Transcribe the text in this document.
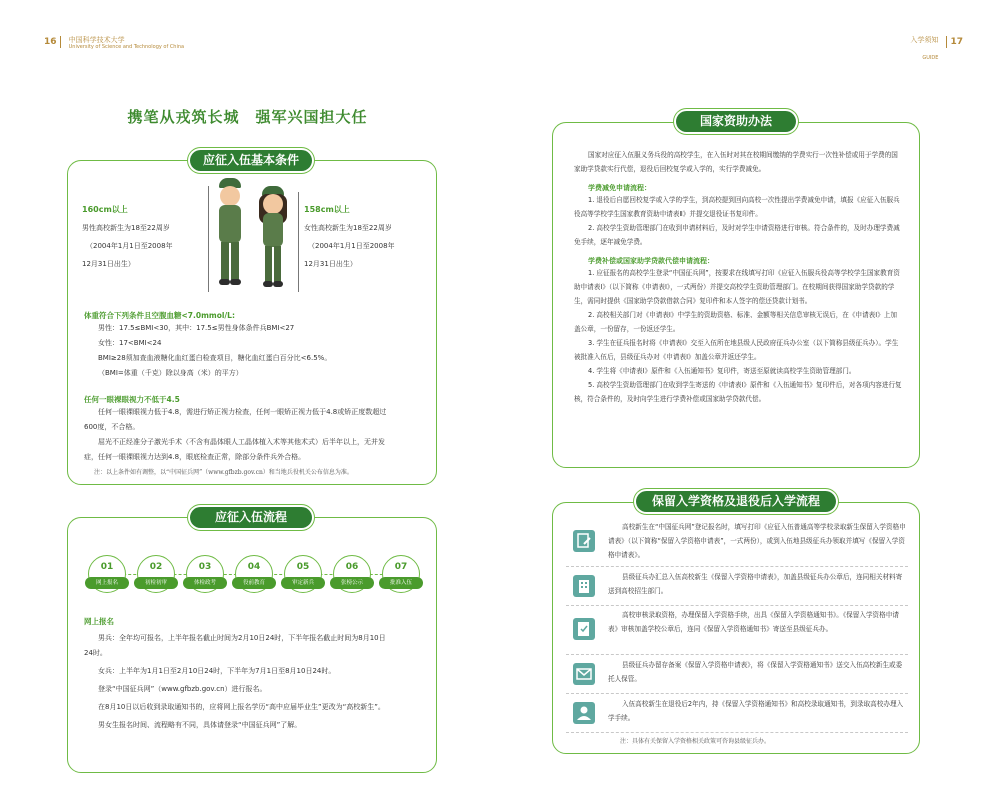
16 中国科学技术大学
University of Science and Technology of China
入学须知
GUIDE
17
携笔从戎筑长城　强军兴国担大任
应征入伍基本条件
160cm以上
男性高校新生为18至22周岁
（2004年1月1日至2008年
12月31日出生）
158cm以上
女性高校新生为18至22周岁
（2004年1月1日至2008年
12月31日出生）
体重符合下列条件且空腹血糖<7.0mmol/L:
男性：17.5≤BMI<30，其中：17.5≤男性身体条件兵BMI<27
女性：17<BMI<24
BMI≥28须加查血液糖化血红蛋白检查项目，糖化血红蛋白百分比<6.5%。
（BMI=体重（千克）除以身高（米）的平方）
任何一眼裸眼视力不低于4.5
任何一眼裸眼视力低于4.8，需进行矫正视力检查，任何一眼矫正视力低于4.8或矫正度数超过
600度，不合格。
屈光不正经准分子激光手术（不含有晶体眼人工晶体植入术等其他术式）后半年以上，无并发
症，任何一眼裸眼视力达到4.8，眼底检查正常，除部分条件兵外合格。
注：以上条件如有调整，以“中国征兵网”（www.gfbzb.gov.cn）和当地兵役机关公布信息为准。
应征入伍流程
01
网上报名
02
初检初审
03
体检政考
04
役前教育
05
审定新兵
06
张榜公示
07
批准入伍
网上报名
男兵：全年均可报名，上半年报名截止时间为2月10日24时，下半年报名截止时间为8月10日
24时。
女兵：上半年为1月1日至2月10日24时，下半年为7月1日至8月10日24时。
登录“中国征兵网”（www.gfbzb.gov.cn）进行报名。
在8月10日以后收到录取通知书的，应将网上报名学历“高中应届毕业生”更改为“高校新生”。
男女生报名时间、流程略有不同，具体请登录“中国征兵网”了解。
国家资助办法
国家对应征入伍服义务兵役的高校学生，在入伍时对其在校期间缴纳的学费实行一次性补偿或用于学费的国家助学贷款实行代偿，退役后回校复学或入学的，实行学费减免。
学费减免申请流程：
1. 退役后自愿回校复学或入学的学生，到高校提到回向高校一次性提出学费减免申请，填报《应征入伍服兵役高等学校学生国家教育资助申请表Ⅱ》并提交退役证书复印件。
2. 高校学生资助管理部门在收到申请材料后，及时对学生申请资格进行审核。符合条件的，及时办理学费减免手续，逐年减免学费。
学费补偿或国家助学贷款代偿申请流程：
1. 应征报名的高校学生登录“中国征兵网”，按要求在线填写打印《应征入伍服兵役高等学校学生国家教育资助申请表Ⅰ》（以下简称《申请表Ⅰ》，一式两份）并提交高校学生资助管理部门。在校期间获得国家助学贷款的学生，需同时提供《国家助学贷款借款合同》复印件和本人签字的偿还贷款计划书。
2. 高校相关部门对《申请表Ⅰ》中学生的资助资格、标准、金额等相关信息审核无误后，在《申请表Ⅰ》上加盖公章，一份留存，一份返还学生。
3. 学生在征兵报名时将《申请表Ⅰ》交至入伍所在地县级人民政府征兵办公室（以下简称县级征兵办）。学生被批准入伍后，县级征兵办对《申请表Ⅰ》加盖公章并返还学生。
4. 学生将《申请表Ⅰ》原件和《入伍通知书》复印件，寄送至原就读高校学生资助管理部门。
5. 高校学生资助管理部门在收到学生寄送的《申请表Ⅰ》原件和《入伍通知书》复印件后，对各项内容进行复核，符合条件的，及时向学生进行学费补偿或国家助学贷款代偿。
保留入学资格及退役后入学流程
高校新生在“中国征兵网”登记报名时，填写打印《应征入伍普通高等学校录取新生保留入学资格申请表》（以下简称“保留入学资格申请表”，一式两份），或到入伍地县级征兵办领取并填写《保留入学资格申请表》。
县级征兵办汇总入伍高校新生《保留入学资格申请表》，加盖县级征兵办公章后，连同相关材料寄送到高校招生部门。
高校审核录取资格，办理保留入学资格手续，出具《保留入学资格通知书》。《保留入学资格申请表》审核加盖学校公章后，连同《保留入学资格通知书》寄送至县级征兵办。
县级征兵办留存备案《保留入学资格申请表》，将《保留入学资格通知书》送交入伍高校新生或委托人保管。
入伍高校新生在退役后2年内，持《保留入学资格通知书》和高校录取通知书，到录取高校办理入学手续。
注：具体有关保留入学资格相关政策可咨询县级征兵办。
